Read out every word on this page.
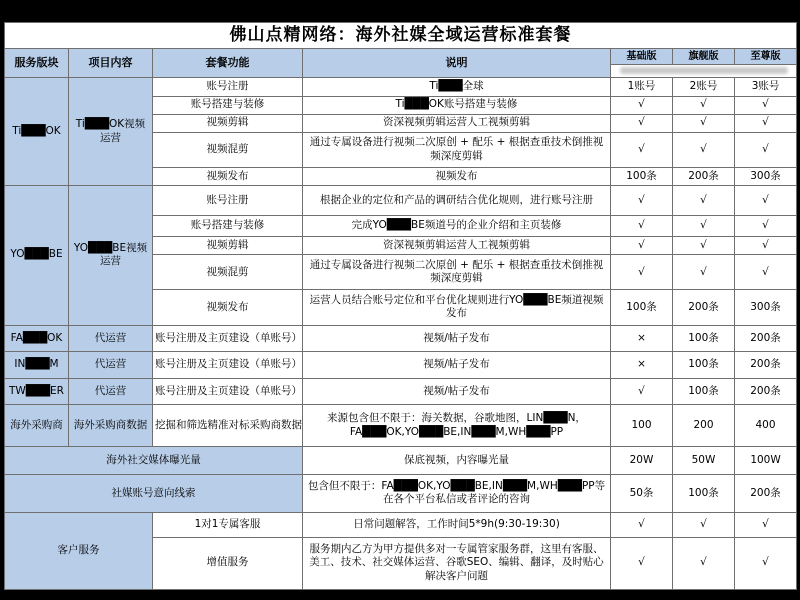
佛山点精网络：海外社媒全域运营标准套餐						
服务版块	项目内容	套餐功能	说明	基础版	旗舰版	至尊版

Ti███OK	Ti███OK视频运营	账号注册	Ti███全球	1账号	2账号	3账号
		账号搭建与装修	Ti███OK账号搭建与装修	√	√	√
		视频剪辑	资深视频剪辑运营人工视频剪辑	√	√	√
		视频混剪	通过专属设备进行视频二次原创 + 配乐 + 根据查重技术倒推视频深度剪辑	√	√	√
		视频发布	视频发布	100条	200条	300条
YO███BE	YO███BE视频运营	账号注册	根据企业的定位和产品的调研结合优化规则，进行账号注册	√	√	√
		账号搭建与装修	完成YO███BE频道号的企业介绍和主页装修	√	√	√
		视频剪辑	资深视频剪辑运营人工视频剪辑	√	√	√
		视频混剪	通过专属设备进行视频二次原创 + 配乐 + 根据查重技术倒推视频深度剪辑	√	√	√
		视频发布	运营人员结合账号定位和平台优化规则进行YO███BE频道视频发布	100条	200条	300条
FA███OK	代运营	账号注册及主页建设（单账号）	视频/帖子发布	×	100条	200条
IN███M	代运营	账号注册及主页建设（单账号）	视频/帖子发布	×	100条	200条
TW███ER	代运营	账号注册及主页建设（单账号）	视频/帖子发布	√	100条	200条
海外采购商	海外采购商数据	挖掘和筛选精准对标采购商数据	来源包含但不限于：海关数据，谷歌地图，LIN███N，FA███OK,YO███BE,IN███M,WH███PP	100	200	400
海外社交媒体曝光量			保底视频，内容曝光量	20W	50W	100W
社媒账号意向线索			包含但不限于：FA███OK,YO███BE,IN███M,WH███PP等在各个平台私信或者评论的咨询	50条	100条	200条
客户服务		1对1专属客服	日常问题解答，工作时间5*9h(9:30-19:30)	√	√	√
		增值服务	服务期内乙方为甲方提供多对一专属管家服务群，这里有客服、美工、技术、社交媒体运营、谷歌SEO、编辑、翻译，及时贴心解决客户问题	√	√	√
